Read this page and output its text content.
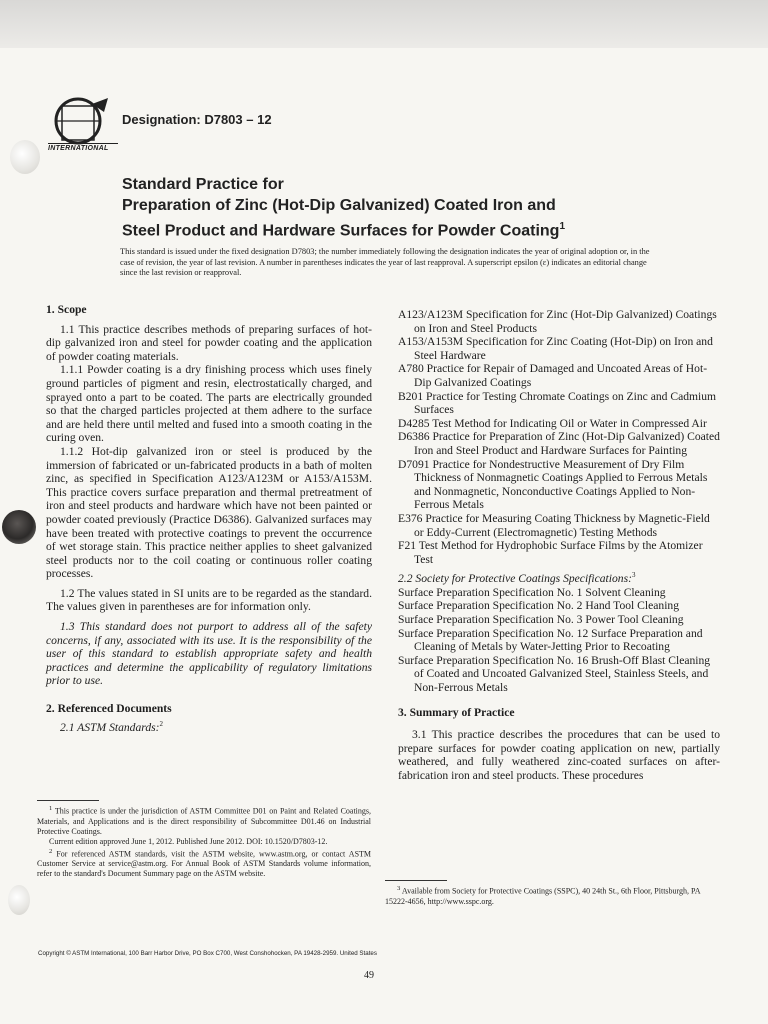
INTERNATIONAL
Designation: D7803 – 12
Standard Practice for
Preparation of Zinc (Hot-Dip Galvanized) Coated Iron and
Steel Product and Hardware Surfaces for Powder Coating$^1$
This standard is issued under the fixed designation D7803; the number immediately following the designation indicates the year of original adoption or, in the case of revision, the year of last revision. A number in parentheses indicates the year of last reapproval. A superscript epsilon (ε) indicates an editorial change since the last revision or reapproval.

1. Scope

1.1 This practice describes methods of preparing surfaces of hot-dip galvanized iron and steel for powder coating and the application of powder coating materials.

1.1.1 Powder coating is a dry finishing process which uses finely ground particles of pigment and resin, electrostatically charged, and sprayed onto a part to be coated. The parts are electrically grounded so that the charged particles projected at them adhere to the surface and are held there until melted and fused into a smooth coating in the curing oven.

1.1.2 Hot-dip galvanized iron or steel is produced by the immersion of fabricated or un-fabricated products in a bath of molten zinc, as specified in Specification A123/A123M or A153/A153M. This practice covers surface preparation and thermal pretreatment of iron and steel products and hardware which have not been painted or powder coated previously (Practice D6386). Galvanized surfaces may have been treated with protective coatings to prevent the occurrence of wet storage stain. This practice neither applies to sheet galvanized steel products nor to the coil coating or continuous roller coating processes.

1.2 The values stated in SI units are to be regarded as the standard. The values given in parentheses are for information only.

1.3 This standard does not purport to address all of the safety concerns, if any, associated with its use. It is the responsibility of the user of this standard to establish appropriate safety and health practices and determine the applicability of regulatory limitations prior to use.

2. Referenced Documents

2.1 ASTM Standards:$^2$

$^1$ This practice is under the jurisdiction of ASTM Committee D01 on Paint and Related Coatings, Materials, and Applications and is the direct responsibility of Subcommittee D01.46 on Industrial Protective Coatings.

Current edition approved June 1, 2012. Published June 2012. DOI: 10.1520/D7803-12.

$^2$ For referenced ASTM standards, visit the ASTM website, www.astm.org, or contact ASTM Customer Service at service@astm.org. For Annual Book of ASTM Standards volume information, refer to the standard's Document Summary page on the ASTM website.

A123/A123M Specification for Zinc (Hot-Dip Galvanized) Coatings on Iron and Steel Products

A153/A153M Specification for Zinc Coating (Hot-Dip) on Iron and Steel Hardware

A780 Practice for Repair of Damaged and Uncoated Areas of Hot-Dip Galvanized Coatings

B201 Practice for Testing Chromate Coatings on Zinc and Cadmium Surfaces

D4285 Test Method for Indicating Oil or Water in Compressed Air

D6386 Practice for Preparation of Zinc (Hot-Dip Galvanized) Coated Iron and Steel Product and Hardware Surfaces for Painting

D7091 Practice for Nondestructive Measurement of Dry Film Thickness of Nonmagnetic Coatings Applied to Ferrous Metals and Nonmagnetic, Nonconductive Coatings Applied to Non-Ferrous Metals

E376 Practice for Measuring Coating Thickness by Magnetic-Field or Eddy-Current (Electromagnetic) Testing Methods

F21 Test Method for Hydrophobic Surface Films by the Atomizer Test

2.2 Society for Protective Coatings Specifications:$^3$

Surface Preparation Specification No. 1 Solvent Cleaning

Surface Preparation Specification No. 2 Hand Tool Cleaning

Surface Preparation Specification No. 3 Power Tool Cleaning

Surface Preparation Specification No. 12 Surface Preparation and Cleaning of Metals by Water-Jetting Prior to Recoating

Surface Preparation Specification No. 16 Brush-Off Blast Cleaning of Coated and Uncoated Galvanized Steel, Stainless Steels, and Non-Ferrous Metals

3. Summary of Practice

3.1 This practice describes the procedures that can be used to prepare surfaces for powder coating application on new, partially weathered, and fully weathered zinc-coated surfaces on after-fabrication iron and steel products. These procedures

$^3$ Available from Society for Protective Coatings (SSPC), 40 24th St., 6th Floor, Pittsburgh, PA 15222-4656, http://www.sspc.org.

Copyright © ASTM International, 100 Barr Harbor Drive, PO Box C700, West Conshohocken, PA 19428-2959. United States
49
